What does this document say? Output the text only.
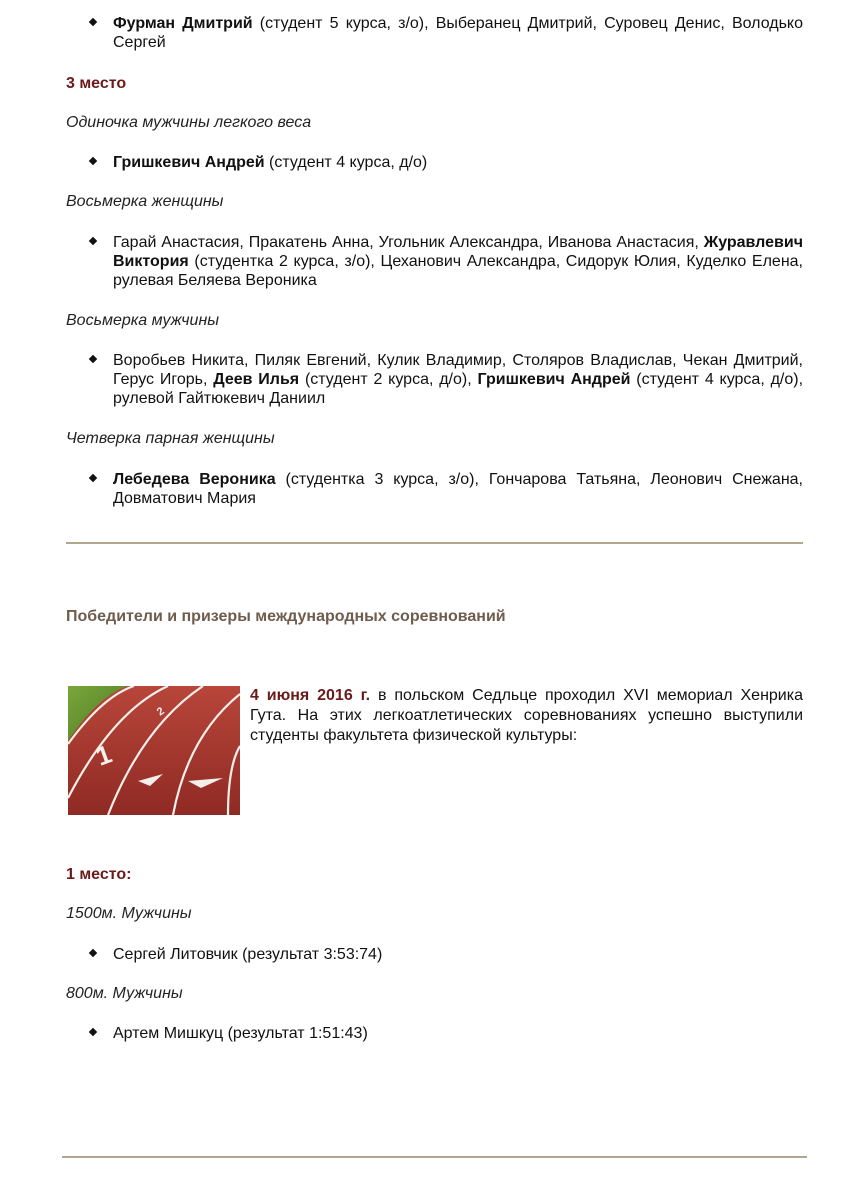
Фурман Дмитрий (студент 5 курса, з/о), Выберанец Дмитрий, Суровец Денис, Володько Сергей
3 место
Одиночка мужчины легкого веса
Гришкевич Андрей (студент 4 курса, д/о)
Восьмерка женщины
Гарай Анастасия, Пракатень Анна, Угольник Александра, Иванова Анастасия, Журавлевич Виктория (студентка 2 курса, з/о), Цеханович Александра, Сидорук Юлия, Куделко Елена, рулевая Беляева Вероника
Восьмерка мужчины
Воробьев Никита, Пиляк Евгений, Кулик Владимир, Столяров Владислав, Чекан Дмитрий, Герус Игорь, Деев Илья (студент 2 курса, д/о), Гришкевич Андрей (студент 4 курса, д/о), рулевой Гайтюкевич Даниил
Четверка парная женщины
Лебедева Вероника (студентка 3 курса, з/о), Гончарова Татьяна, Леонович Снежана, Довматович Мария
Победители и призеры международных соревнований
1
2
4 июня 2016 г. в польском Седльце проходил XVI мемориал Хенрика Гута. На этих легкоатлетических соревнованиях успешно выступили студенты факультета физической культуры:
1 место:
1500м. Мужчины
Сергей Литовчик (результат 3:53:74)
800м. Мужчины
Артем Мишкуц (результат 1:51:43)
